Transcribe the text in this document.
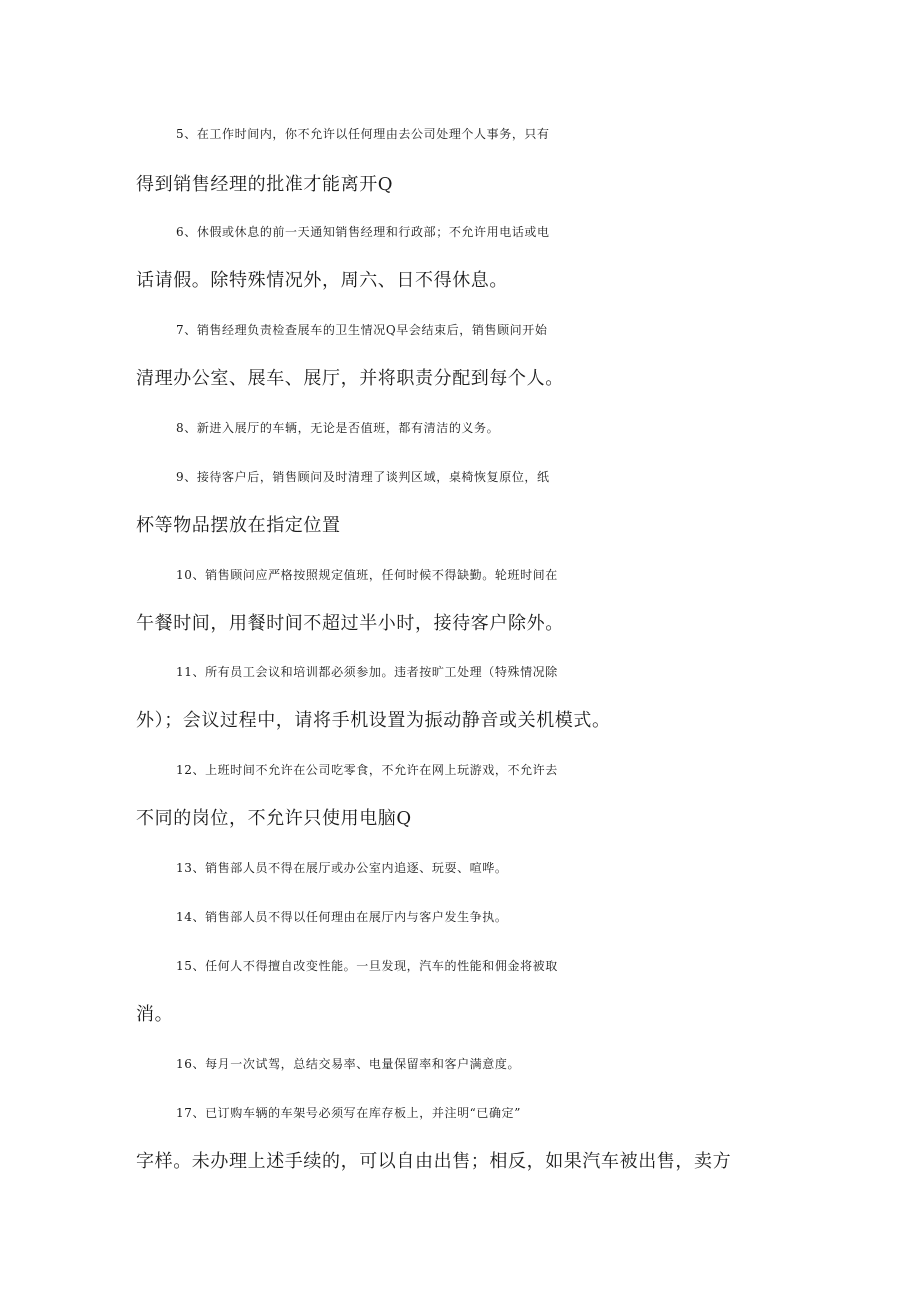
5、在工作时间内，你不允许以任何理由去公司处理个人事务，只有
得到销售经理的批准才能离开Q
6、休假或休息的前一天通知销售经理和行政部；不允许用电话或电
话请假。除特殊情况外，周六、日不得休息。
7、销售经理负责检查展车的卫生情况Q早会结束后，销售顾问开始
清理办公室、展车、展厅，并将职责分配到每个人。
8、新进入展厅的车辆，无论是否值班，都有清洁的义务。
9、接待客户后，销售顾问及时清理了谈判区域，桌椅恢复原位，纸
杯等物品摆放在指定位置
10、销售顾问应严格按照规定值班，任何时候不得缺勤。轮班时间在
午餐时间，用餐时间不超过半小时，接待客户除外。
11、所有员工会议和培训都必须参加。违者按旷工处理（特殊情况除
外）；会议过程中，请将手机设置为振动静音或关机模式。
12、上班时间不允许在公司吃零食，不允许在网上玩游戏，不允许去
不同的岗位，不允许只使用电脑Q
13、销售部人员不得在展厅或办公室内追逐、玩耍、喧哗。
14、销售部人员不得以任何理由在展厅内与客户发生争执。
15、任何人不得擅自改变性能。一旦发现，汽车的性能和佣金将被取
消。
16、每月一次试驾，总结交易率、电量保留率和客户满意度。
17、已订购车辆的车架号必须写在库存板上，并注明“已确定”
字样。未办理上述手续的，可以自由出售；相反，如果汽车被出售，卖方
